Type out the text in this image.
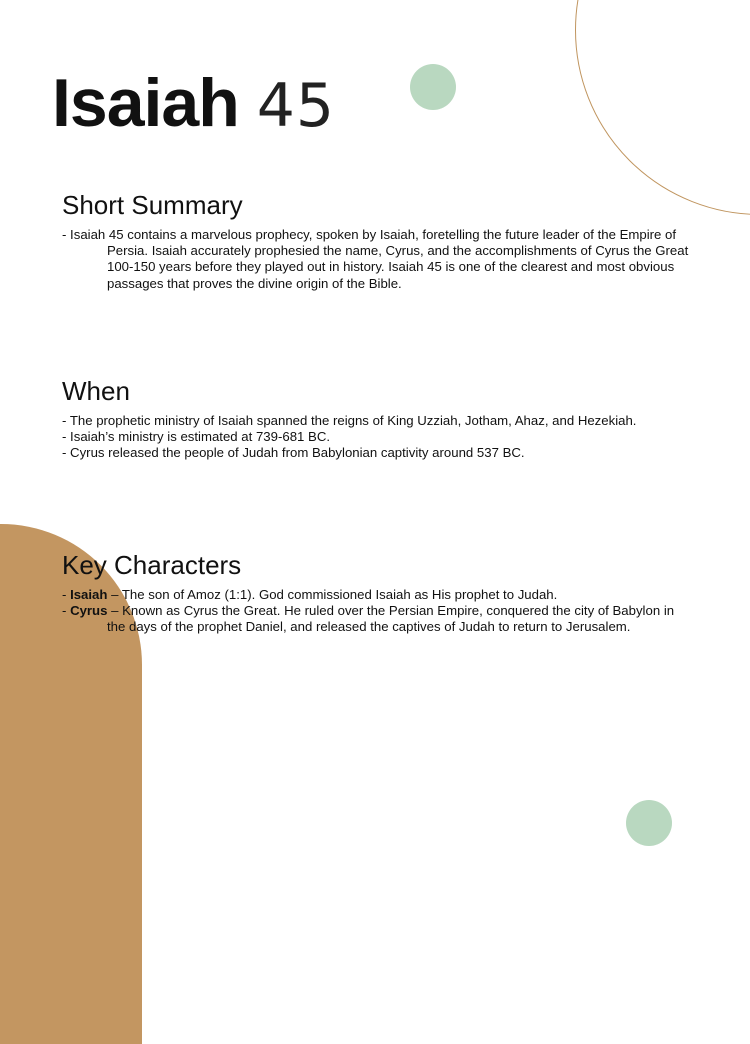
Isaiah 45
Short Summary
- Isaiah 45 contains a marvelous prophecy, spoken by Isaiah, foretelling the future leader of the Empire of Persia. Isaiah accurately prophesied the name, Cyrus, and the accomplishments of Cyrus the Great 100-150 years before they played out in history. Isaiah 45 is one of the clearest and most obvious passages that proves the divine origin of the Bible.
When
- The prophetic ministry of Isaiah spanned the reigns of King Uzziah, Jotham, Ahaz, and Hezekiah.
- Isaiah’s ministry is estimated at 739-681 BC.
- Cyrus released the people of Judah from Babylonian captivity around 537 BC.
Key Characters
- Isaiah – The son of Amoz (1:1). God commissioned Isaiah as His prophet to Judah.
- Cyrus – Known as Cyrus the Great. He ruled over the Persian Empire, conquered the city of Babylon in the days of the prophet Daniel, and released the captives of Judah to return to Jerusalem.
